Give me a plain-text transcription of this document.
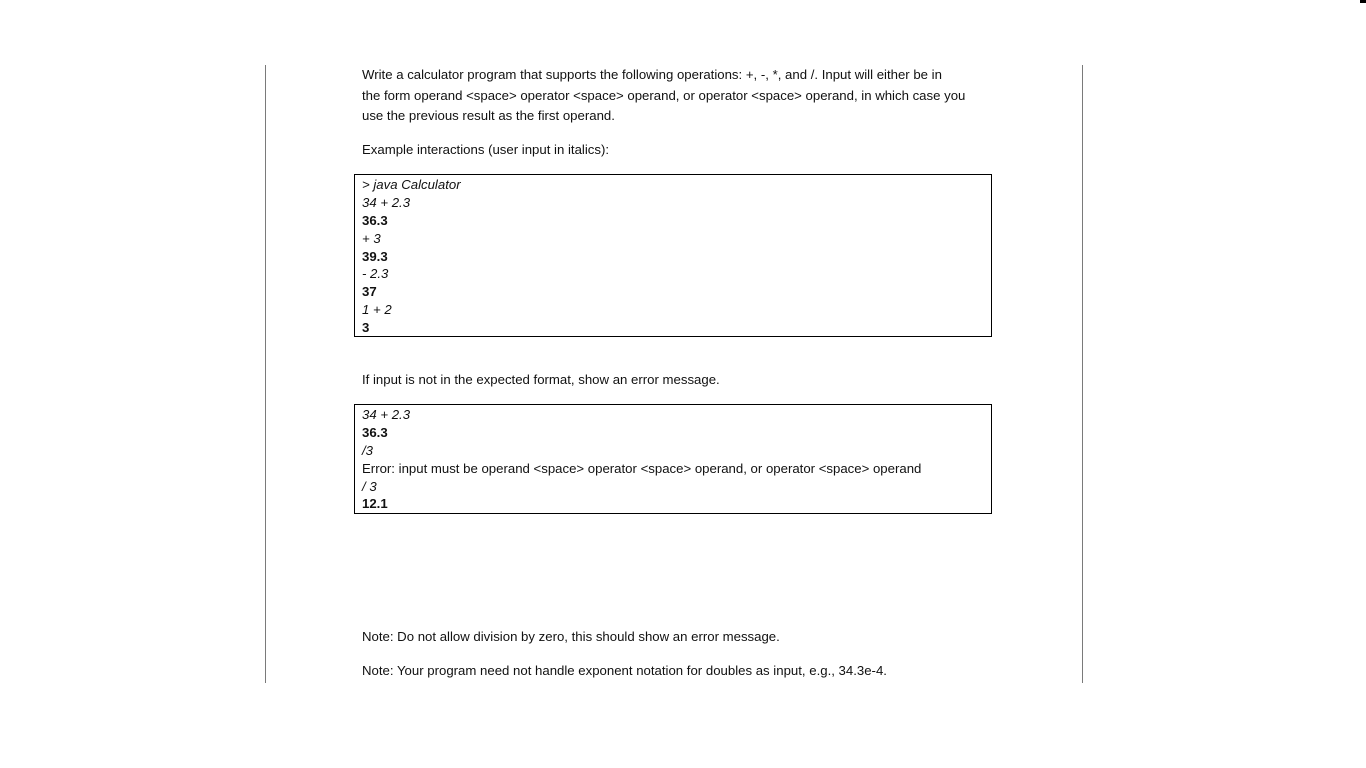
Write a calculator program that supports the following operations: +, -, *, and /. Input will either be in

the form operand <space> operator <space> operand, or operator <space> operand, in which case you

use the previous result as the first operand.

Example interactions (user input in italics):

> java Calculator
34 + 2.3
36.3
+ 3
39.3
- 2.3
37
1 + 2
3

If input is not in the expected format, show an error message.

34 + 2.3
36.3
/3
Error: input must be operand <space> operator <space> operand, or operator <space> operand
/ 3
12.1

Note: Do not allow division by zero, this should show an error message.

Note: Your program need not handle exponent notation for doubles as input, e.g., 34.3e-4.
